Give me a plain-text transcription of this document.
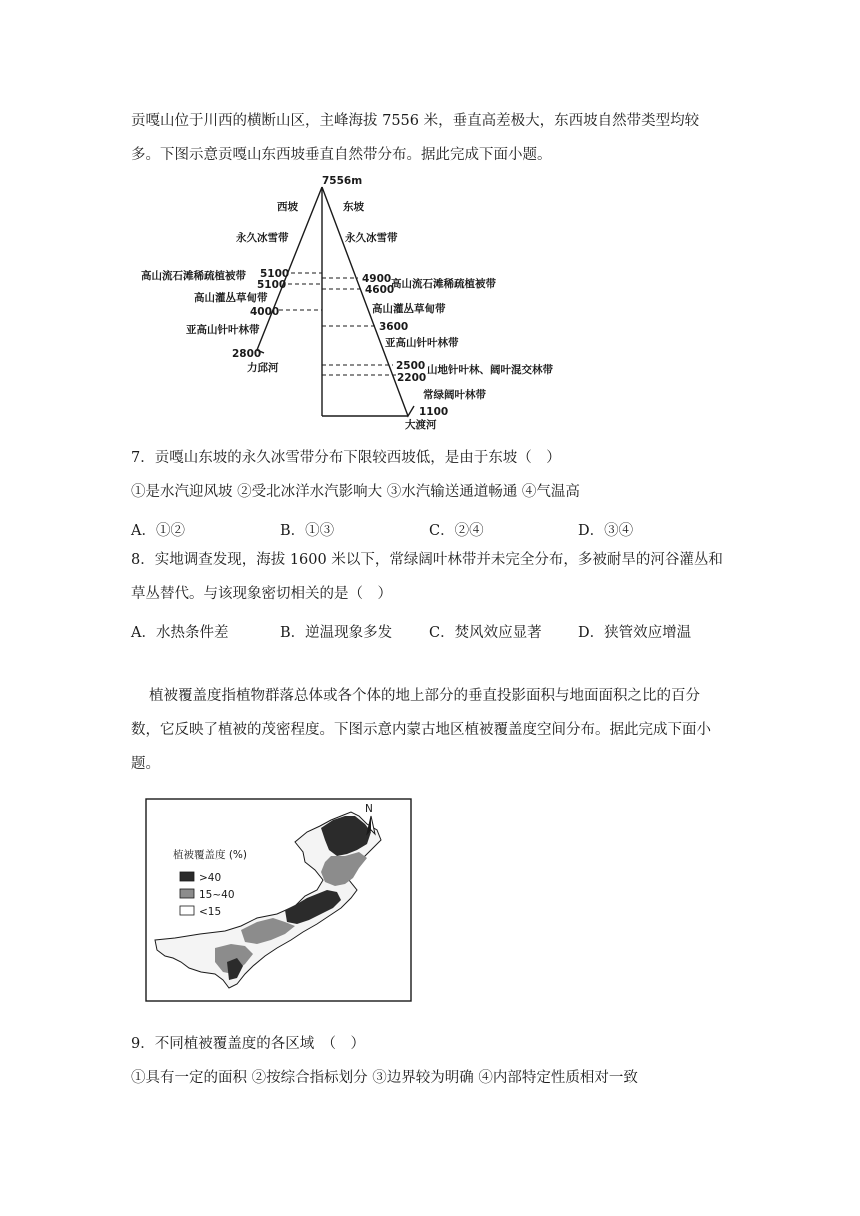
贡嘎山位于川西的横断山区，主峰海拔 7556 米，垂直高差极大，东西坡自然带类型均较
多。下图示意贡嘎山东西坡垂直自然带分布。据此完成下面小题。
7556m
西坡	东坡
永久冰雪带
高山流石滩稀疏植被带
高山灌丛草甸带
亚高山针叶林带
5100
5100
4000
2800
力邱河
永久冰雪带
高山流石滩稀疏植被带
高山灌丛草甸带
亚高山针叶林带
山地针叶林、阔叶混交林带
常绿阔叶林带
4900
4600
3600
2500
2200
1100
大渡河
7．贡嘎山东坡的永久冰雪带分布下限较西坡低，是由于东坡（　）
①是水汽迎风坡 ②受北冰洋水汽影响大 ③水汽输送通道畅通 ④气温高
A．①②	B．①③	C．②④	D．③④
8．实地调查发现，海拔 1600 米以下，常绿阔叶林带并未完全分布，多被耐旱的河谷灌丛和
草丛替代。与该现象密切相关的是（　）
A．水热条件差	B．逆温现象多发	C．焚风效应显著	D．狭管效应增温
植被覆盖度指植物群落总体或各个体的地上部分的垂直投影面积与地面面积之比的百分
数，它反映了植被的茂密程度。下图示意内蒙古地区植被覆盖度空间分布。据此完成下面小
题。
N
植被覆盖度 (%)
>40
15~40
<15
9．不同植被覆盖度的各区域　（　）
①具有一定的面积 ②按综合指标划分 ③边界较为明确 ④内部特定性质相对一致
